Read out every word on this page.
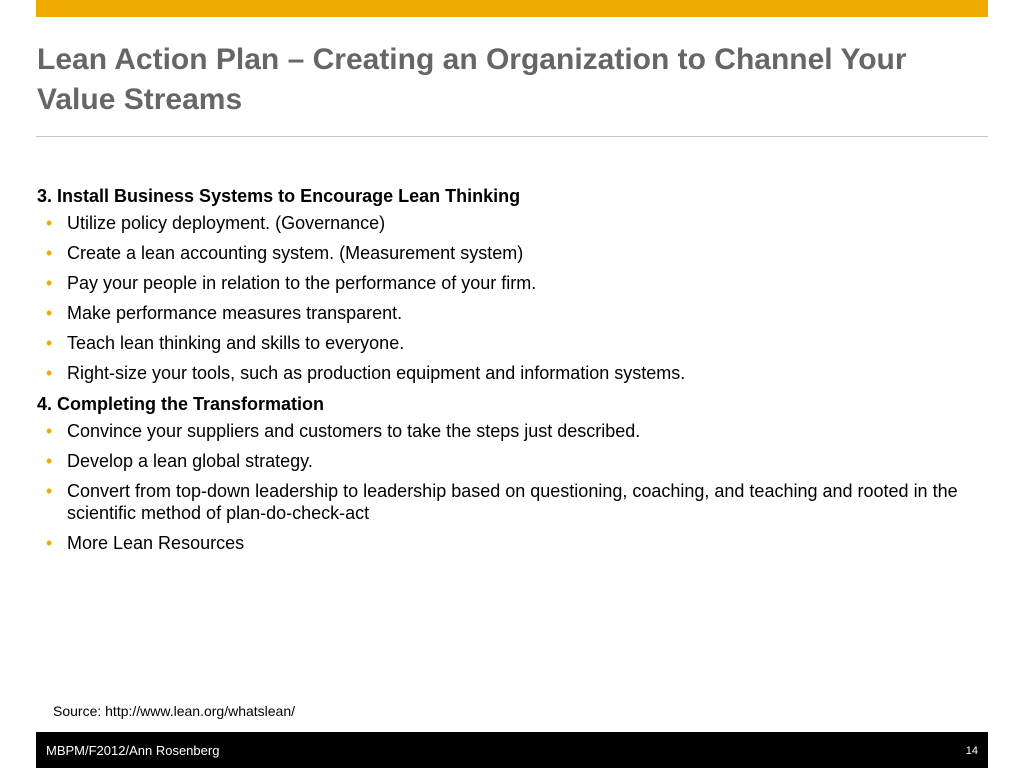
Lean Action Plan – Creating an Organization to Channel Your Value Streams
3. Install Business Systems to Encourage Lean Thinking
• Utilize policy deployment. (Governance)
• Create a lean accounting system. (Measurement system)
• Pay your people in relation to the performance of your firm.
• Make performance measures transparent.
• Teach lean thinking and skills to everyone.
• Right-size your tools, such as production equipment and information systems.
4. Completing the Transformation
• Convince your suppliers and customers to take the steps just described.
• Develop a lean global strategy.
• Convert from top-down leadership to leadership based on questioning, coaching, and teaching and rooted in the scientific method of plan-do-check-act
• More Lean Resources
Source: http://www.lean.org/whatslean/
MBPM/F2012/Ann Rosenberg	14
